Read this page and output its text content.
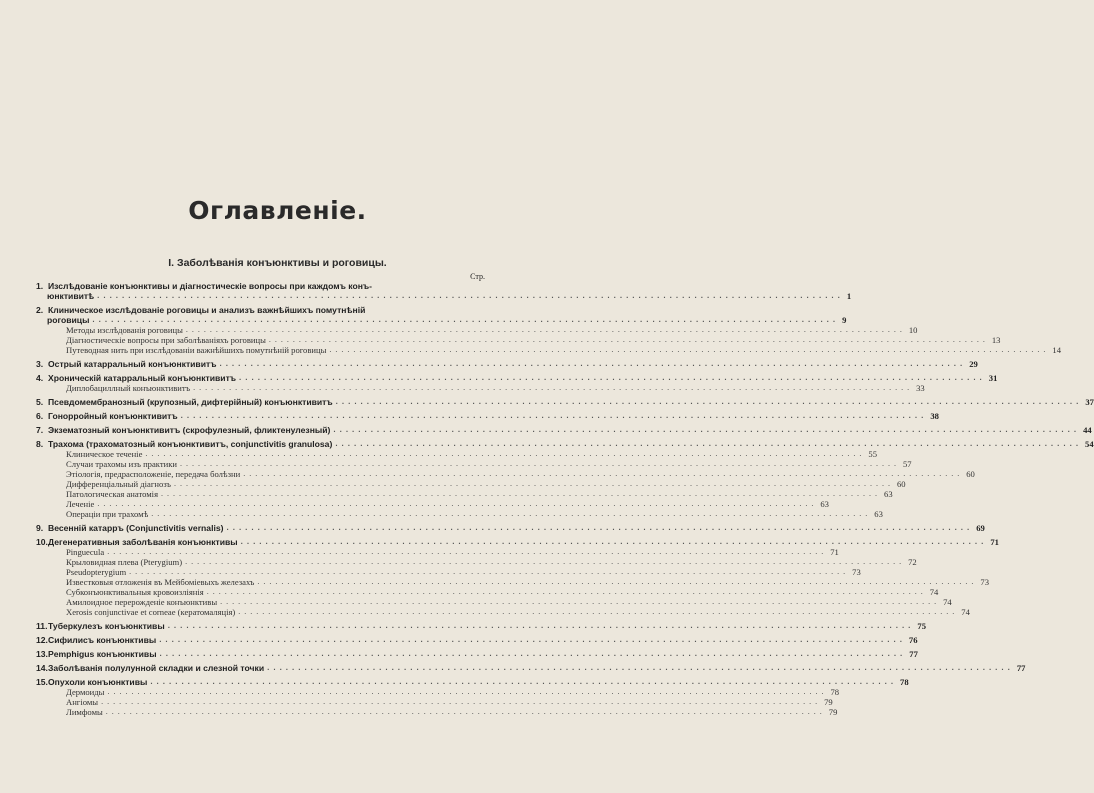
Оглавленіе.
I. Заболѣванія конъюнктивы и роговицы.
Стр.
1. Изслѣдованіе конъюнктивы и діагностическіе вопросы при каждомъ конъ-
юнктивитѣ ........................................................................................................................ 1
2. Клиническое изслѣдованіе роговицы и анализъ важнѣйшихъ помутнѣній
роговицы ........................................................................................................................ 9
Методы изслѣдованія роговицы ........................................................................................................................ 10
Діагностическіе вопросы при заболѣваніяхъ роговицы ........................................................................................................................ 13
Путеводная нить при изслѣдованіи важнѣйшихъ помутнѣній роговицы ........................................................................................................................ 14
3. Острый катарральный конъюнктивитъ ........................................................................................................................ 29
4. Хроническій катарральный конъюнктивитъ ........................................................................................................................ 31
Диплобациллный конъюнктивитъ ........................................................................................................................ 33
5. Псевдомембранозный (крупозный, дифтерійный) конъюнктивитъ ........................................................................................................................ 37
6. Гонорройный конъюнктивитъ ........................................................................................................................ 38
7. Экзематозный конъюнктивитъ (скрофулезный, фликтенулезный) ........................................................................................................................ 44
8. Трахома (трахоматозный конъюнктивитъ, conjunctivitis granulosa) ........................................................................................................................ 54
Клиническое теченіе ........................................................................................................................ 55
Случаи трахомы изъ практики ........................................................................................................................ 57
Этіологія, предрасположеніе, передача болѣзни ........................................................................................................................ 60
Дифференціальный діагнозъ ........................................................................................................................ 60
Патологическая анатомія ........................................................................................................................ 63
Леченіе ........................................................................................................................ 63
Операціи при трахомѣ ........................................................................................................................ 63
9. Весенній катарръ (Conjunctivitis vernalis) ........................................................................................................................ 69
10.Дегенеративныя заболѣванія конъюнктивы ........................................................................................................................ 71
Pinguecula ........................................................................................................................ 71
Крыловидная плева (Pterygium) ........................................................................................................................ 72
Pseudopterygium ........................................................................................................................ 73
Известковыя отложенія въ Мейбоміевыхъ железахъ ........................................................................................................................ 73
Субконъюнктивальныя кровоизліянія ........................................................................................................................ 74
Амилоидное перерожденіе конъюнктивы ........................................................................................................................ 74
Xerosis conjunctivae et corneae (кератомаляція) ........................................................................................................................ 74
11.Туберкулезъ конъюнктивы ........................................................................................................................ 75
12.Сифилисъ конъюнктивы ........................................................................................................................ 76
13.Pemphigus конъюнктивы ........................................................................................................................ 77
14.Заболѣванія полулунной складки и слезной точки ........................................................................................................................ 77
15.Опухоли конъюнктивы ........................................................................................................................ 78
Дермоиды ........................................................................................................................ 78
Ангіомы ........................................................................................................................ 79
Лимфомы ........................................................................................................................ 79
